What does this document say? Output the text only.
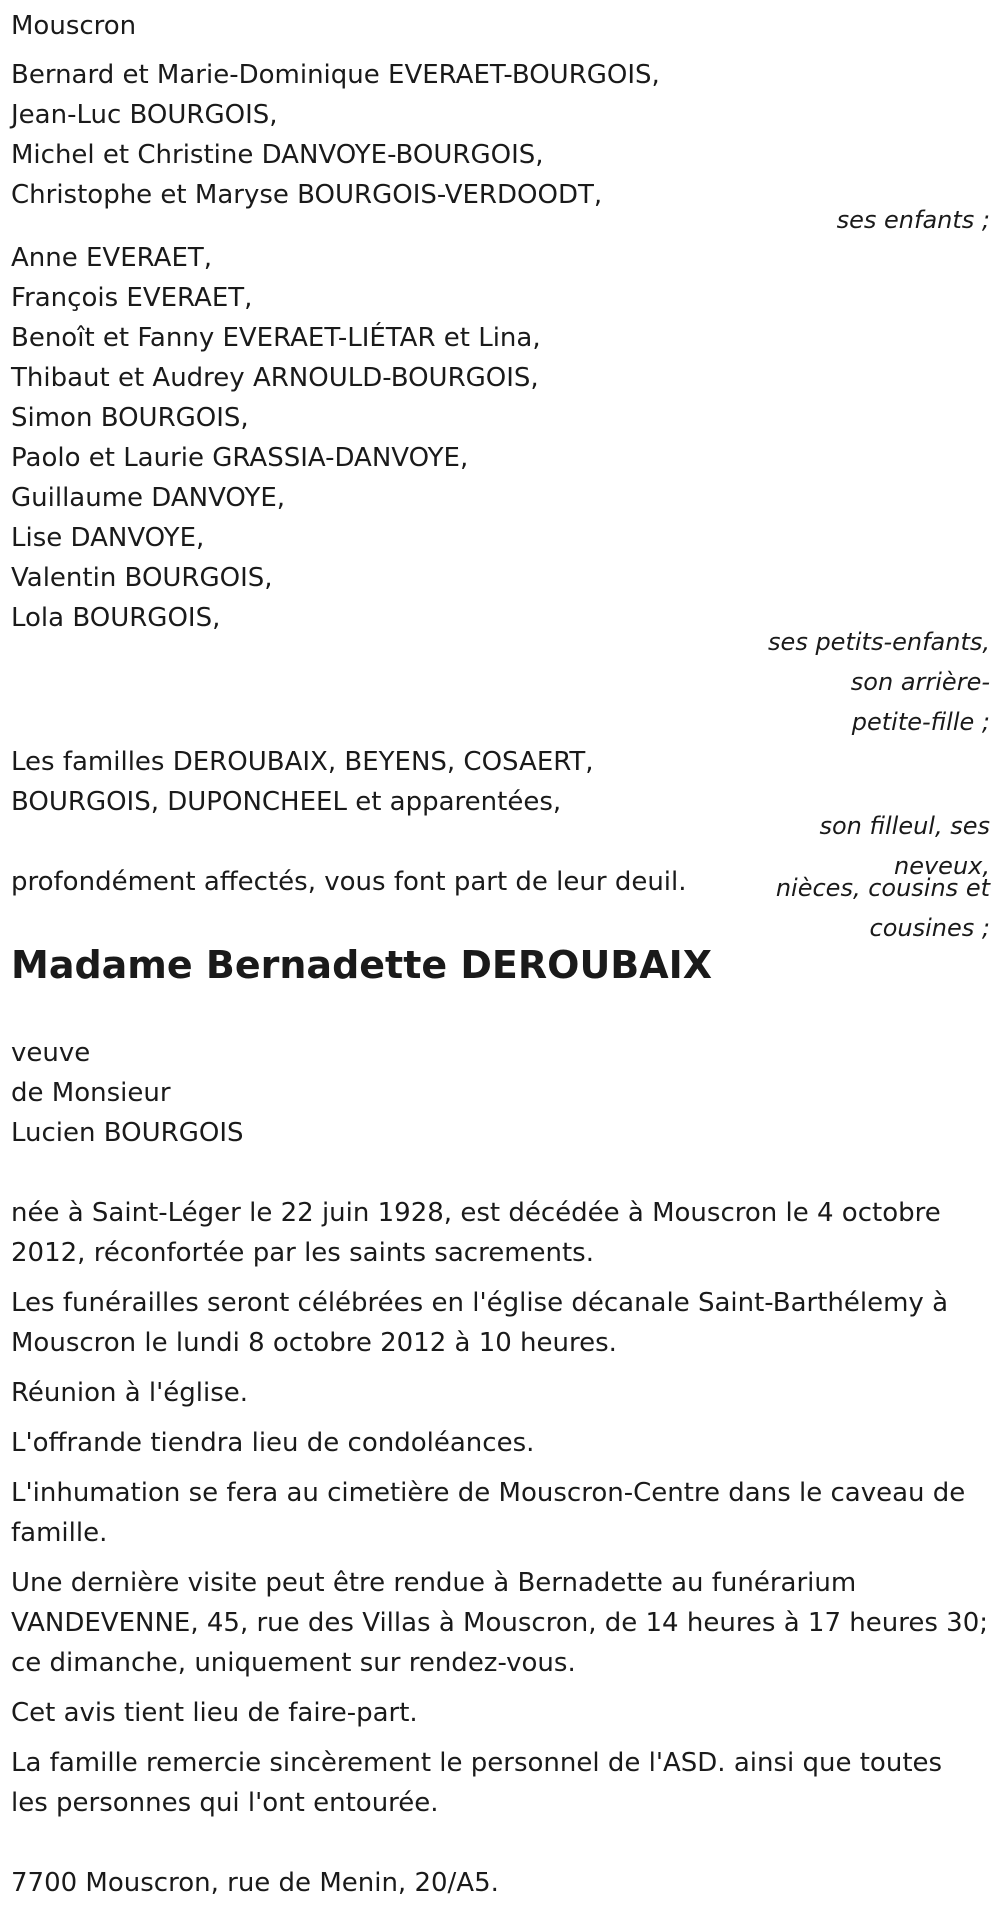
Mouscron
Bernard et Marie-Dominique EVERAET-BOURGOIS,
Jean-Luc BOURGOIS,
Michel et Christine DANVOYE-BOURGOIS,
Christophe et Maryse BOURGOIS-VERDOODT,
ses enfants ;
Anne EVERAET,
François EVERAET,
Benoît et Fanny EVERAET-LIÉTAR et Lina,
Thibaut et Audrey ARNOULD-BOURGOIS,
Simon BOURGOIS,
Paolo et Laurie GRASSIA-DANVOYE,
Guillaume DANVOYE,
Lise DANVOYE,
Valentin BOURGOIS,
Lola BOURGOIS,
ses petits-enfants,
son arrière-
petite-fille ;
Les familles DEROUBAIX, BEYENS, COSAERT,
BOURGOIS, DUPONCHEEL et apparentées,
son filleul, ses
neveux,
profondément affectés, vous font part de leur deuil.	nièces, cousins et
cousines ;
Madame Bernadette DEROUBAIX
veuve
de Monsieur
Lucien BOURGOIS
née à Saint-Léger le 22 juin 1928, est décédée à Mouscron le 4 octobre
2012, réconfortée par les saints sacrements.
Les funérailles seront célébrées en l'église décanale Saint-Barthélemy à
Mouscron le lundi 8 octobre 2012 à 10 heures.
Réunion à l'église.
L'offrande tiendra lieu de condoléances.
L'inhumation se fera au cimetière de Mouscron-Centre dans le caveau de
famille.
Une dernière visite peut être rendue à Bernadette au funérarium
VANDEVENNE, 45, rue des Villas à Mouscron, de 14 heures à 17 heures 30;
ce dimanche, uniquement sur rendez-vous.
Cet avis tient lieu de faire-part.
La famille remercie sincèrement le personnel de l'ASD. ainsi que toutes
les personnes qui l'ont entourée.
7700 Mouscron, rue de Menin, 20/A5.
